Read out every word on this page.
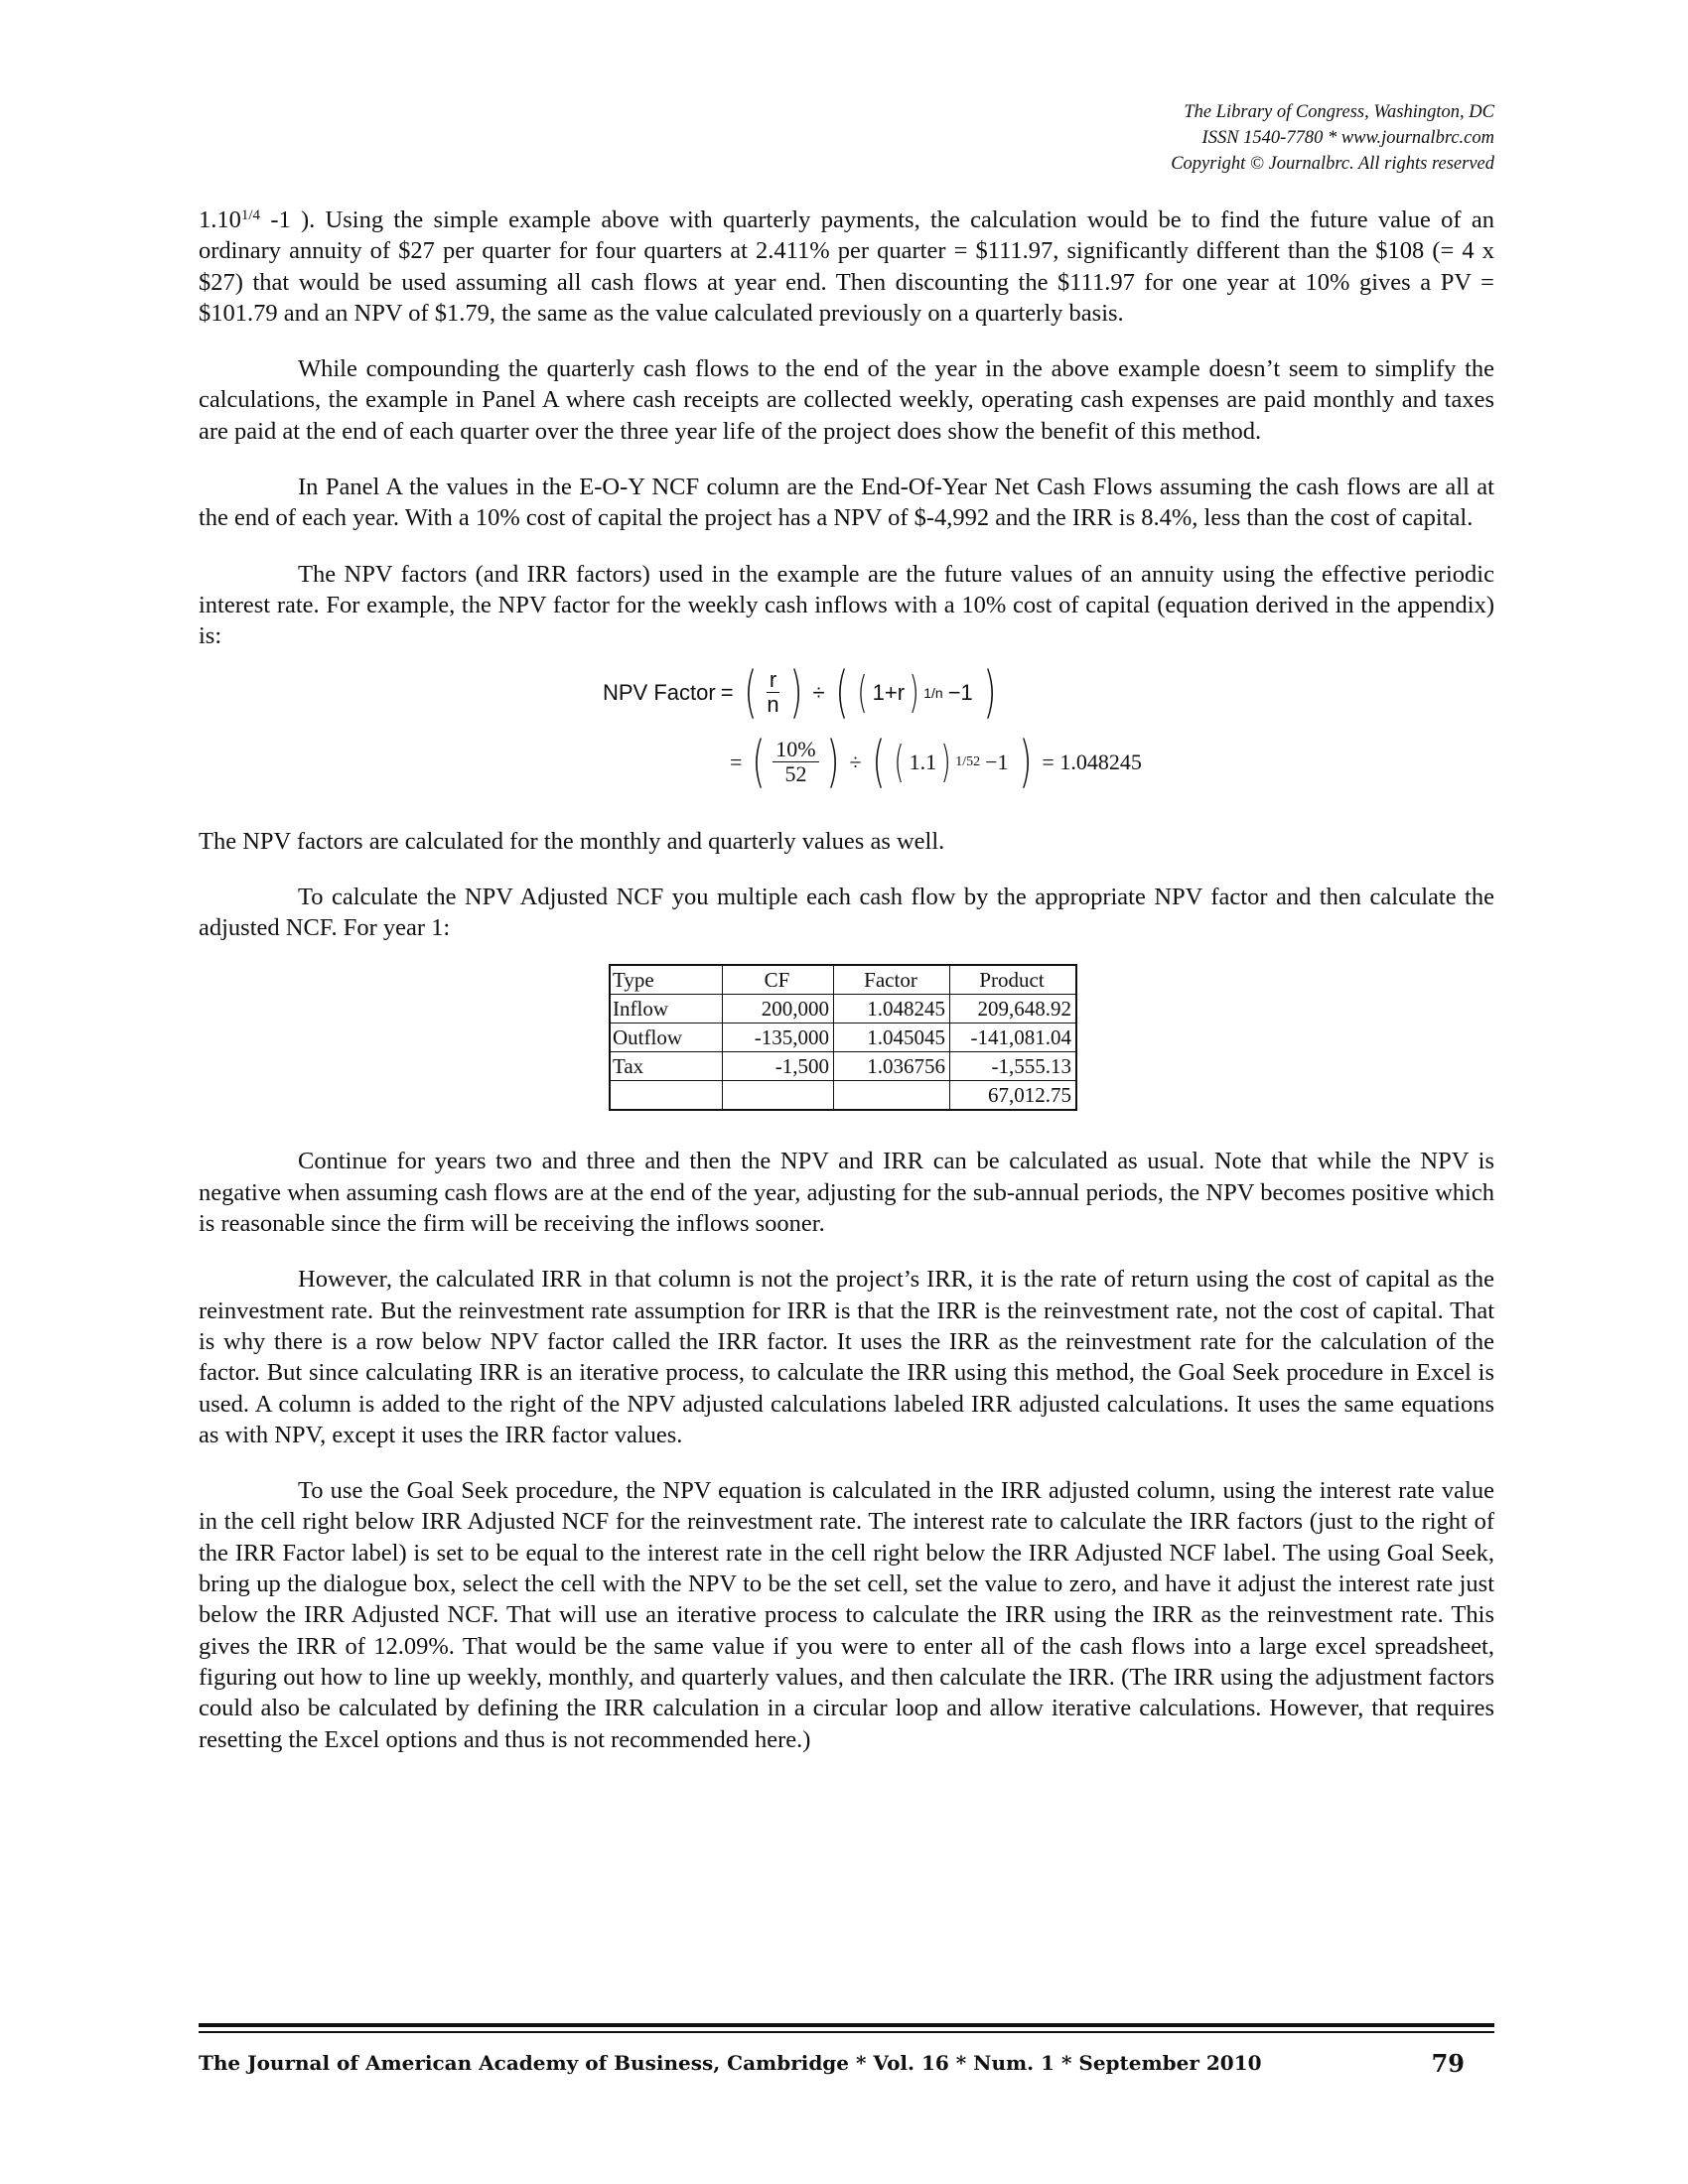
The Library of Congress, Washington, DC
ISSN 1540-7780 * www.journalbrc.com
Copyright © Journalbrc. All rights reserved

$1.10^{1/4}$ -1 ). Using the simple example above with quarterly payments, the calculation would be to find the future value of an ordinary annuity of $27 per quarter for four quarters at 2.411% per quarter = $111.97, significantly different than the $108 (= 4 x $27) that would be used assuming all cash flows at year end. Then discounting the $111.97 for one year at 10% gives a PV = $101.79 and an NPV of $1.79, the same as the value calculated previously on a quarterly basis.

While compounding the quarterly cash flows to the end of the year in the above example doesn’t seem to simplify the calculations, the example in Panel A where cash receipts are collected weekly, operating cash expenses are paid monthly and taxes are paid at the end of each quarter over the three year life of the project does show the benefit of this method.

In Panel A the values in the E-O-Y NCF column are the End-Of-Year Net Cash Flows assuming the cash flows are all at the end of each year. With a 10% cost of capital the project has a NPV of $-4,992 and the IRR is 8.4%, less than the cost of capital.

The NPV factors (and IRR factors) used in the example are the future values of an annuity using the effective periodic interest rate. For example, the NPV factor for the weekly cash inflows with a 10% cost of capital (equation derived in the appendix) is:

NPV Factor = ( $\frac{r}{n}$ ) ÷ ( ( 1+r ) 1/n −1 )
= ( $\frac{10\%}{52}$ ) ÷ ( ( 1.1 ) 1/52 −1 ) = 1.048245

The NPV factors are calculated for the monthly and quarterly values as well.

To calculate the NPV Adjusted NCF you multiple each cash flow by the appropriate NPV factor and then calculate the adjusted NCF. For year 1:

Type	CF	Factor	Product
Inflow	200,000	1.048245	209,648.92
Outflow	-135,000	1.045045	-141,081.04
Tax	-1,500	1.036756	-1,555.13
			67,012.75

Continue for years two and three and then the NPV and IRR can be calculated as usual. Note that while the NPV is negative when assuming cash flows are at the end of the year, adjusting for the sub-annual periods, the NPV becomes positive which is reasonable since the firm will be receiving the inflows sooner.

However, the calculated IRR in that column is not the project’s IRR, it is the rate of return using the cost of capital as the reinvestment rate. But the reinvestment rate assumption for IRR is that the IRR is the reinvestment rate, not the cost of capital. That is why there is a row below NPV factor called the IRR factor. It uses the IRR as the reinvestment rate for the calculation of the factor. But since calculating IRR is an iterative process, to calculate the IRR using this method, the Goal Seek procedure in Excel is used. A column is added to the right of the NPV adjusted calculations labeled IRR adjusted calculations. It uses the same equations as with NPV, except it uses the IRR factor values.

To use the Goal Seek procedure, the NPV equation is calculated in the IRR adjusted column, using the interest rate value in the cell right below IRR Adjusted NCF for the reinvestment rate. The interest rate to calculate the IRR factors (just to the right of the IRR Factor label) is set to be equal to the interest rate in the cell right below the IRR Adjusted NCF label. The using Goal Seek, bring up the dialogue box, select the cell with the NPV to be the set cell, set the value to zero, and have it adjust the interest rate just below the IRR Adjusted NCF. That will use an iterative process to calculate the IRR using the IRR as the reinvestment rate. This gives the IRR of 12.09%. That would be the same value if you were to enter all of the cash flows into a large excel spreadsheet, figuring out how to line up weekly, monthly, and quarterly values, and then calculate the IRR. (The IRR using the adjustment factors could also be calculated by defining the IRR calculation in a circular loop and allow iterative calculations. However, that requires resetting the Excel options and thus is not recommended here.)

The Journal of American Academy of Business, Cambridge * Vol. 16 * Num. 1 * September 2010	79
